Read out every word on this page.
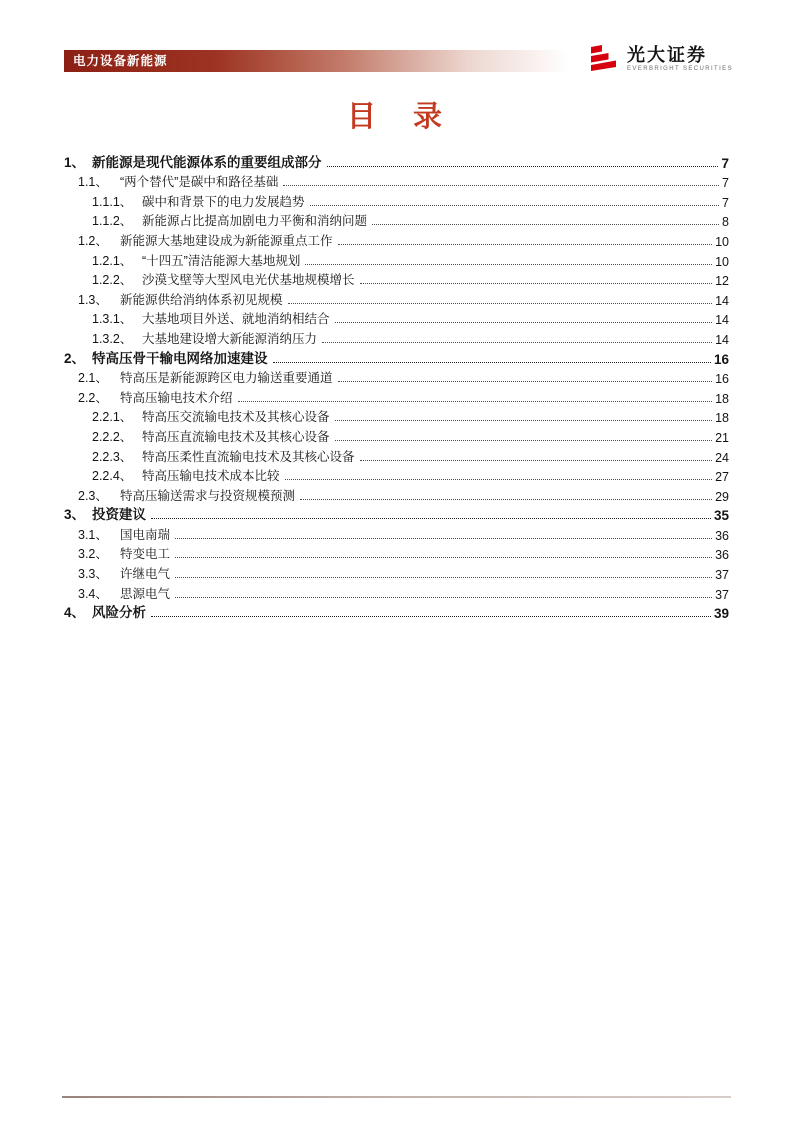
电力设备新能源	光大证券
EVERBRIGHT SECURITIES
目　录
1、 新能源是现代能源体系的重要组成部分	7
1.1、 “两个替代”是碳中和路径基础	7
1.1.1、 碳中和背景下的电力发展趋势	7
1.1.2、 新能源占比提高加剧电力平衡和消纳问题	8
1.2、 新能源大基地建设成为新能源重点工作	10
1.2.1、 “十四五”清洁能源大基地规划	10
1.2.2、 沙漠戈壁等大型风电光伏基地规模增长	12
1.3、 新能源供给消纳体系初见规模	14
1.3.1、 大基地项目外送、就地消纳相结合	14
1.3.2、 大基地建设增大新能源消纳压力	14
2、 特高压骨干输电网络加速建设	16
2.1、 特高压是新能源跨区电力输送重要通道	16
2.2、 特高压输电技术介绍	18
2.2.1、 特高压交流输电技术及其核心设备	18
2.2.2、 特高压直流输电技术及其核心设备	21
2.2.3、 特高压柔性直流输电技术及其核心设备	24
2.2.4、 特高压输电技术成本比较	27
2.3、 特高压输送需求与投资规模预测	29
3、 投资建议	35
3.1、 国电南瑞	36
3.2、 特变电工	36
3.3、 许继电气	37
3.4、 思源电气	37
4、 风险分析	39
